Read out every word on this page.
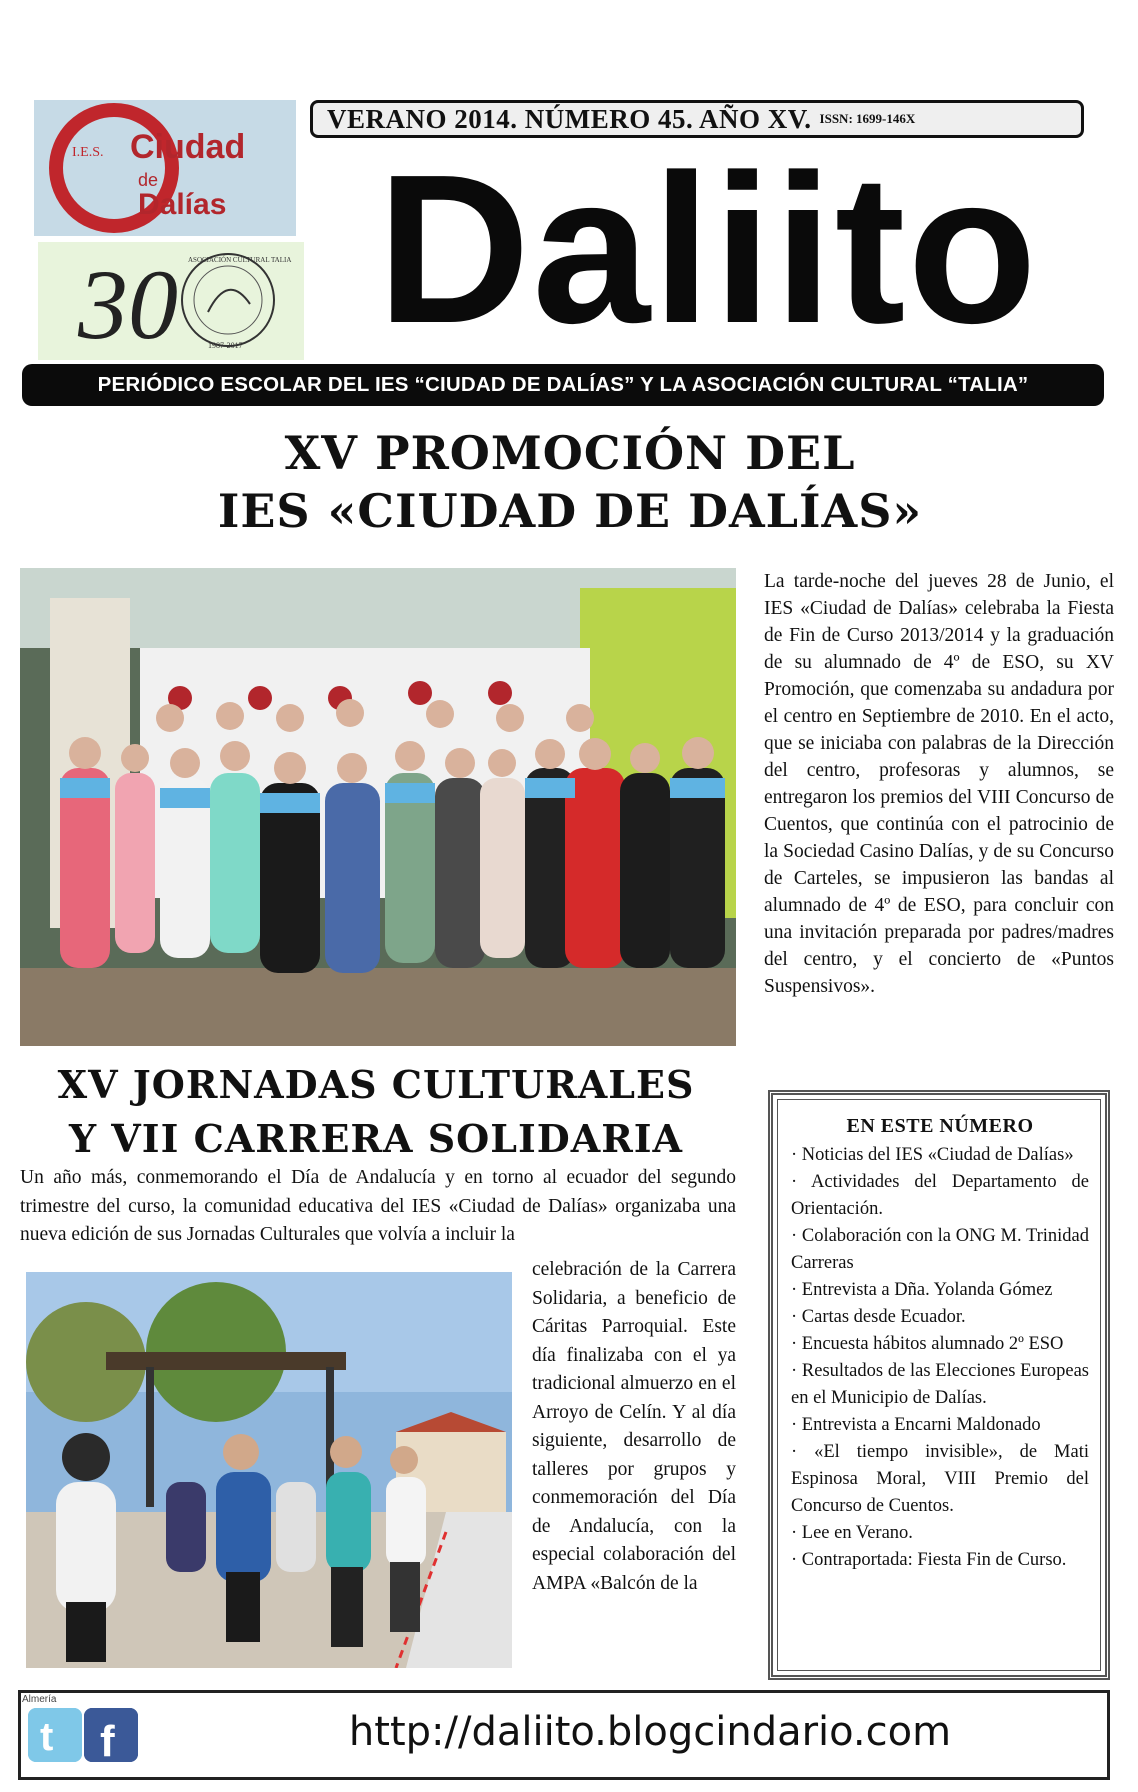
I.E.S. Ciudad
de
Dalías
30 ASOCIACIÓN CULTURAL TALIA
1987-2017
VERANO 2014. NÚMERO 45. AÑO XV. ISSN: 1699-146X
Daliito
PERIÓDICO ESCOLAR DEL IES “CIUDAD DE DALÍAS” Y LA ASOCIACIÓN CULTURAL “TALIA”
XV PROMOCIÓN DEL
IES «CIUDAD DE DALÍAS»
La tarde-noche del jueves 28 de Junio, el IES «Ciudad de Dalías» celebraba la Fiesta de Fin de Curso 2013/2014 y la graduación de su alumnado de 4º de ESO, su XV Promoción, que comenzaba su andadura por el centro en Septiembre de 2010. En el acto, que se iniciaba con palabras de la Dirección del centro, profesoras y alumnos, se entregaron los premios del VIII Concurso de Cuentos, que continúa con el patrocinio de la Sociedad Casino Dalías, y de su Concurso de Carteles, se impusieron las bandas al alumnado de 4º de ESO, para concluir con una invitación preparada por padres/madres del centro, y el concierto de «Puntos Suspensivos».
XV JORNADAS CULTURALES
Y VII CARRERA SOLIDARIA
Un año más, conmemorando el Día de Andalucía y en torno al ecuador del segundo trimestre del curso, la comunidad educativa del IES «Ciudad de Dalías» organizaba una nueva edición de sus Jornadas Culturales que volvía a incluir la
celebración de la Carrera Solidaria, a beneficio de Cáritas Parroquial. Este día finalizaba con el ya tradicional almuerzo en el Arroyo de Celín. Y al día siguiente, desarrollo de talleres por grupos y conmemoración del Día de Andalucía, con la especial colaboración del AMPA «Balcón de la
EN ESTE NÚMERO
· Noticias del IES «Ciudad de Dalías»
· Actividades del Departamento de Orientación.
· Colaboración con la ONG M. Trinidad Carreras
· Entrevista a Dña. Yolanda Gómez
· Cartas desde Ecuador.
· Encuesta hábitos alumnado 2º ESO
· Resultados de las Elecciones Europeas en el Municipio de Dalías.
· Entrevista a Encarni Maldonado
· «El tiempo invisible», de Mati Espinosa Moral, VIII Premio del Concurso de Cuentos.
· Lee en Verano.
· Contraportada: Fiesta Fin de Curso.
Almería
t f	http://daliito.blogcindario.com
